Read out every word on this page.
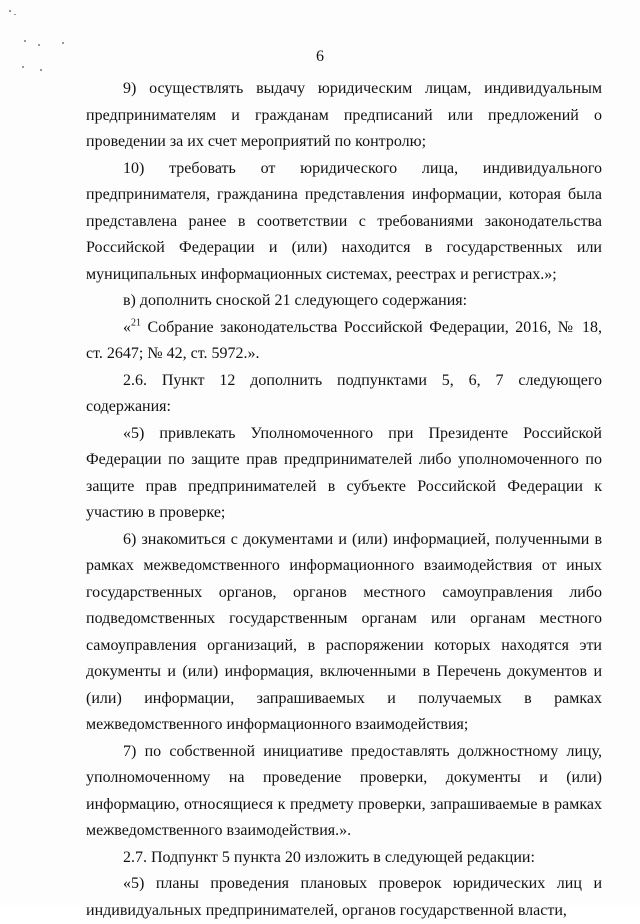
6

9) осуществлять выдачу юридическим лицам, индивидуальным предпринимателям и гражданам предписаний или предложений о проведении за их счет мероприятий по контролю;

10) требовать от юридического лица, индивидуального предпринимателя, гражданина представления информации, которая была представлена ранее в соответствии с требованиями законодательства Российской Федерации и (или) находится в государственных или муниципальных информационных системах, реестрах и регистрах.»;

в) дополнить сноской 21 следующего содержания:

«$^{21}$ Собрание законодательства Российской Федерации, 2016, № 18, ст. 2647; № 42, ст. 5972.».

2.6. Пункт 12 дополнить подпунктами 5, 6, 7 следующего содержания:

«5) привлекать Уполномоченного при Президенте Российской Федерации по защите прав предпринимателей либо уполномоченного по защите прав предпринимателей в субъекте Российской Федерации к участию в проверке;

6) знакомиться с документами и (или) информацией, полученными в рамках межведомственного информационного взаимодействия от иных государственных органов, органов местного самоуправления либо подведомственных государственным органам или органам местного самоуправления организаций, в распоряжении которых находятся эти документы и (или) информация, включенными в Перечень документов и (или) информации, запрашиваемых и получаемых в рамках межведомственного информационного взаимодействия;

7) по собственной инициативе предоставлять должностному лицу, уполномоченному на проведение проверки, документы и (или) информацию, относящиеся к предмету проверки, запрашиваемые в рамках межведомственного взаимодействия.».

2.7. Подпункт 5 пункта 20 изложить в следующей редакции:

«5) планы проведения плановых проверок юридических лиц и индивидуальных предпринимателей, органов государственной власти,
